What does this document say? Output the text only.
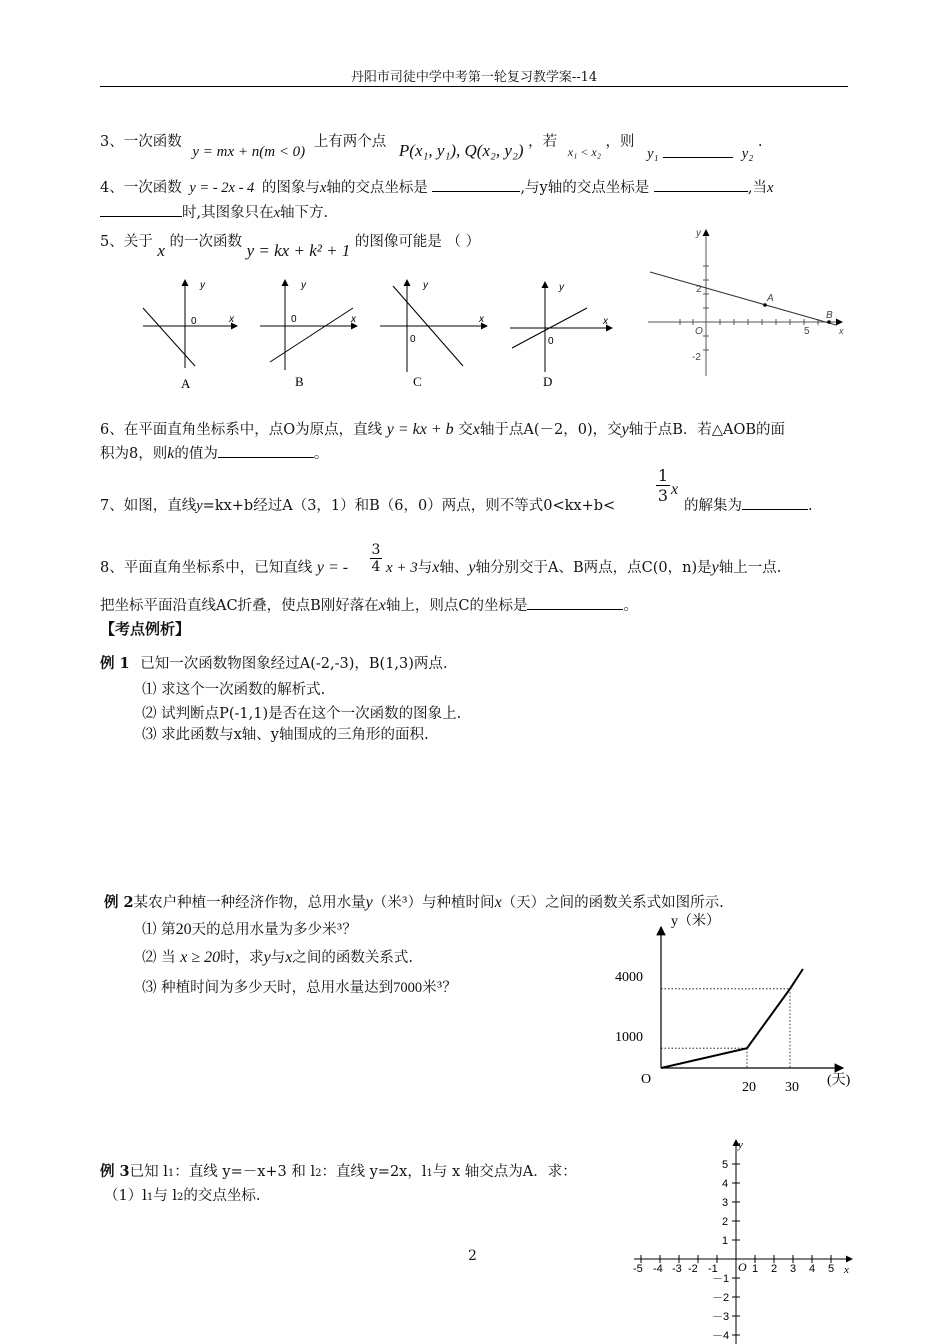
丹阳市司徒中学中考第一轮复习教学案--14
3、一次函数 y = mx + n(m < 0) 上有两个点 P(x₁, y₁), Q(x₂, y₂) ，若 $_{x_1 < x_2}$ ，则 y₁	y₂ .
4、一次函数 y = - 2x - 4 的图象与x轴的交点坐标是	,与y轴的交点坐标是	,当x
时,其图象只在x轴下方.
5、关于 x 的一次函数 y = kx + k² + 1 的图像可能是 （ ）
0	x
y
A
0	x
y
B
0
x
y
C
0
x
y
D
y
x
O
2
-2
5
A
B
6、在平面直角坐标系中，点O为原点，直线 y = kx + b 交x轴于点A(－2，0)，交y轴于点B．若△AOB的面
积为8，则k的值为	。
7、如图，直线y=kx+b经过A（3，1）和B（6，0）两点，则不等式0<kx+b<
1
3 x
的解集为	.
8、平面直角坐标系中，已知直线 y = -
3
4 x + 3与x轴、y轴分别交于A、B两点，点C(0，n)是y轴上一点.
把坐标平面沿直线AC折叠，使点B刚好落在x轴上，则点C的坐标是	。
【考点例析】
例 1 已知一次函数物图象经过A(-2,-3)，B(1,3)两点.
⑴ 求这个一次函数的解析式.
⑵ 试判断点P(-1,1)是否在这个一次函数的图象上.
⑶ 求此函数与x轴、y轴围成的三角形的面积.
例 2某农户种植一种经济作物，总用水量y（米³）与种植时间x（天）之间的函数关系式如图所示.
⑴ 第20天的总用水量为多少米³？
⑵ 当 x ≥ 20时，求y与x之间的函数关系式.
⑶ 种植时间为多少天时，总用水量达到7000米³？
y（米）
(天)
O
4000
1000
20 30
例 3已知 l1：直线 y=－x+3 和 l2：直线 y=2x，l1与 x 轴交点为A．求：
（1）l1与 l2的交点坐标.
2
y
x
O
-5 -4 -3 -2 -1	1 2 3 4 5
5
4
3
2
1
－1
－2
－3
－4
